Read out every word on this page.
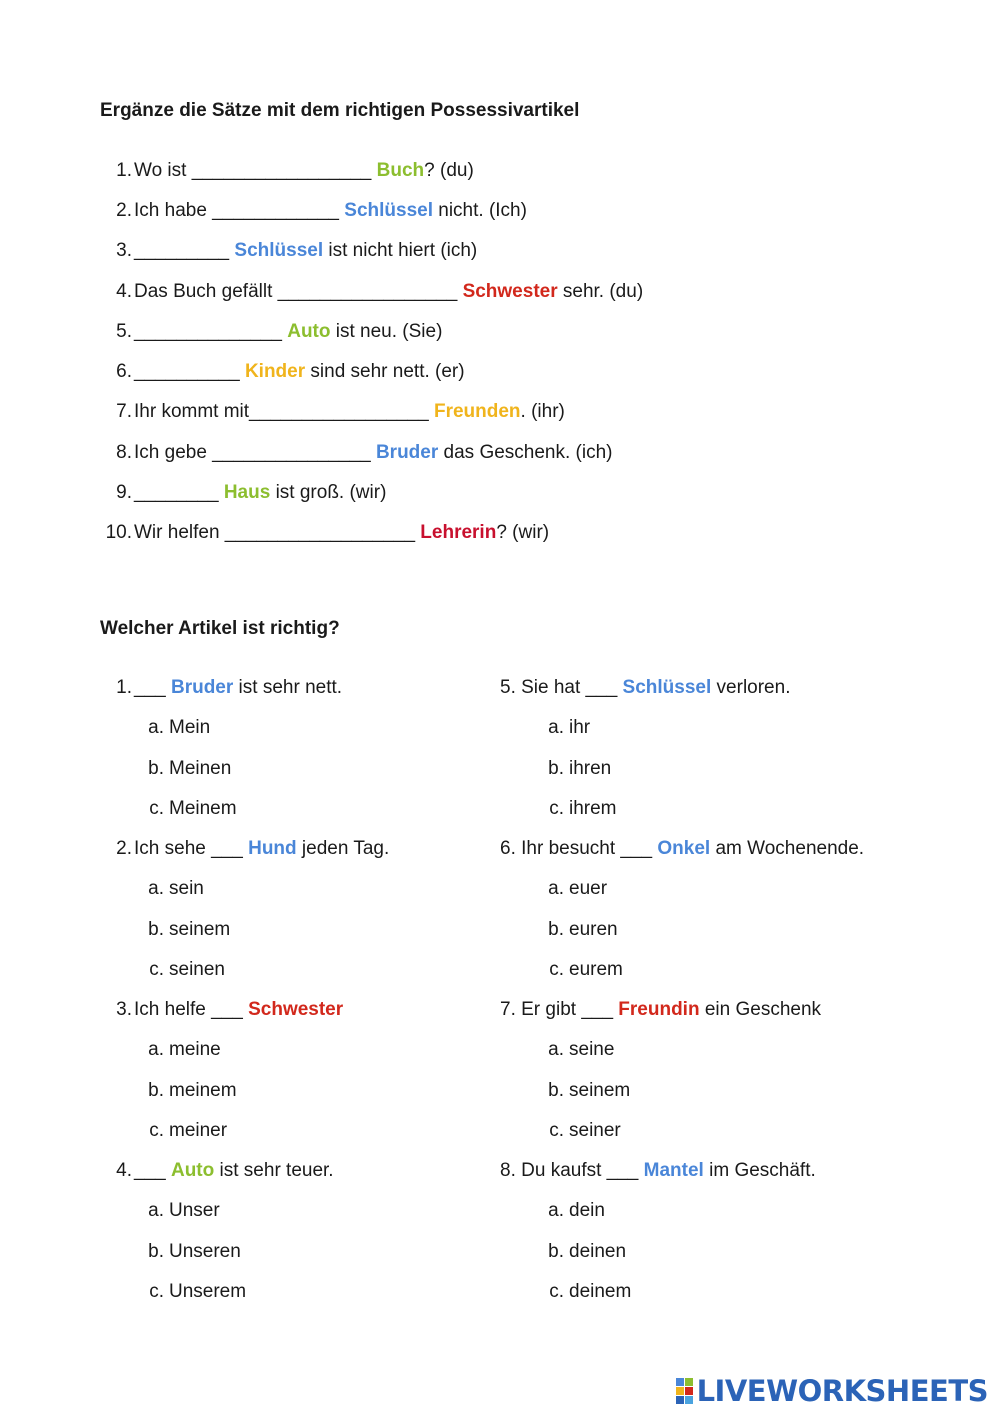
Ergänze die Sätze mit dem richtigen Possessivartikel
1. Wo ist _________________ Buch? (du)
2. Ich habe ____________ Schlüssel nicht. (Ich)
3. _________ Schlüssel ist nicht hiert (ich)
4. Das Buch gefällt _________________ Schwester sehr. (du)
5. ______________ Auto ist neu. (Sie)
6. __________ Kinder sind sehr nett. (er)
7. Ihr kommt mit_________________ Freunden. (ihr)
8. Ich gebe _______________ Bruder das Geschenk. (ich)
9. ________ Haus ist groß. (wir)
10. Wir helfen __________________ Lehrerin? (wir)
Welcher Artikel ist richtig?
1. ___ Bruder ist sehr nett.
a. Mein
b. Meinen
c. Meinem
2. Ich sehe ___ Hund jeden Tag.
a. sein
b. seinem
c. seinen
3. Ich helfe ___ Schwester
a. meine
b. meinem
c. meiner
4. ___ Auto ist sehr teuer.
a. Unser
b. Unseren
c. Unserem
5. Sie hat ___ Schlüssel verloren.
a. ihr
b. ihren
c. ihrem
6. Ihr besucht ___ Onkel am Wochenende.
a. euer
b. euren
c. eurem
7. Er gibt ___ Freundin ein Geschenk
a. seine
b. seinem
c. seiner
8. Du kaufst ___ Mantel im Geschäft.
a. dein
b. deinen
c. deinem
LIVEWORKSHEETS
